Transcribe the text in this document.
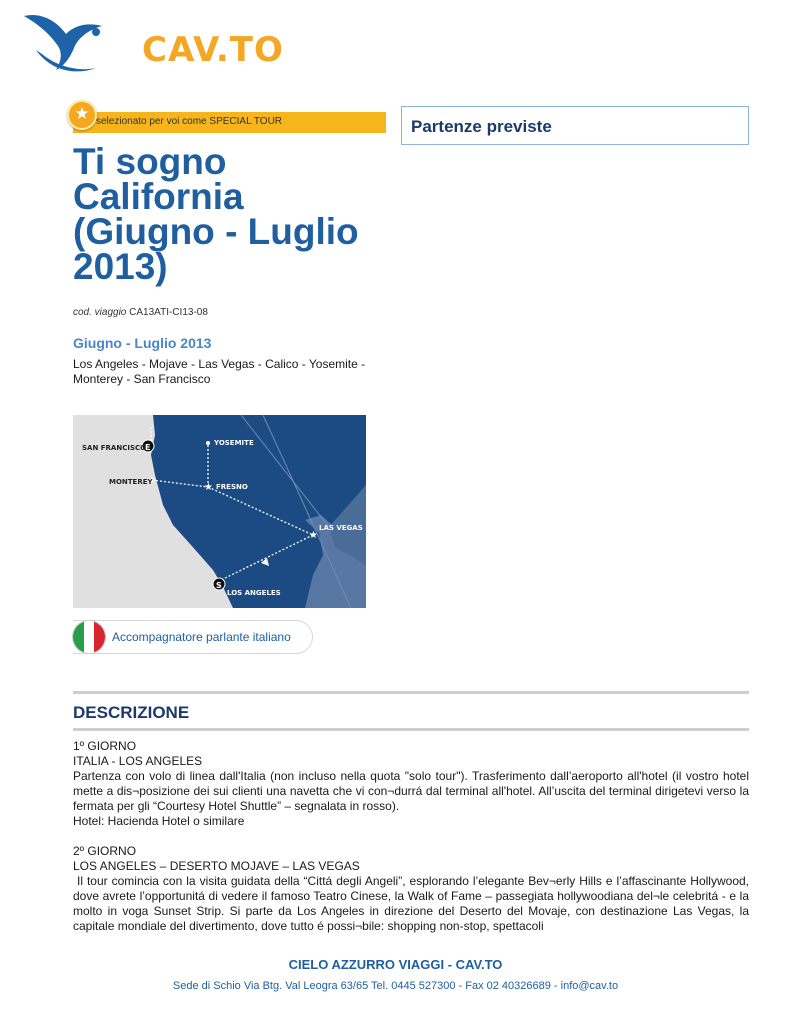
CAV.TO
selezionato per voi come SPECIAL TOUR
★
Partenze previste
Ti sogno California (Giugno - Luglio 2013)
cod. viaggio CA13ATI-CI13-08
Giugno - Luglio 2013
Los Angeles - Mojave - Las Vegas - Calico - Yosemite - Monterey - San Francisco
E
★
★
S
SAN FRANCISCO
YOSEMITE
MONTEREY
FRESNO
LAS VEGAS
LOS ANGELES
Accompagnatore parlante italiano
DESCRIZIONE

1º GIORNO

ITALIA - LOS ANGELES

Partenza con volo di linea dall'Italia (non incluso nella quota "solo tour"). Trasferimento dall’aeroporto all'hotel (il vostro hotel mette a dis¬posizione dei sui clienti una navetta che vi con¬durrá dal terminal all'hotel. All’uscita del terminal dirigetevi verso la fermata per gli “Courtesy Hotel Shuttle” – segnalata in rosso).

Hotel: Hacienda Hotel o similare

2º GIORNO

LOS ANGELES – DESERTO MOJAVE – LAS VEGAS

Il tour comincia con la visita guidata della “Cittá degli Angeli”, esplorando l’elegante Bev¬erly Hills e l’affascinante Hollywood, dove avrete l’opportunitá di vedere il famoso Teatro Cinese, la Walk of Fame – passegiata hollywoodiana del¬le celebritá - e la molto in voga Sunset Strip. Si parte da Los Angeles in direzione del Deserto del Movaje, con destinazione Las Vegas, la capitale mondiale del divertimento, dove tutto é possi¬bile: shopping non-stop, spettacoli

CIELO AZZURRO VIAGGI - CAV.TO
Sede di Schio Via Btg. Val Leogra 63/65 Tel. 0445 527300 - Fax 02 40326689 - info@cav.to
